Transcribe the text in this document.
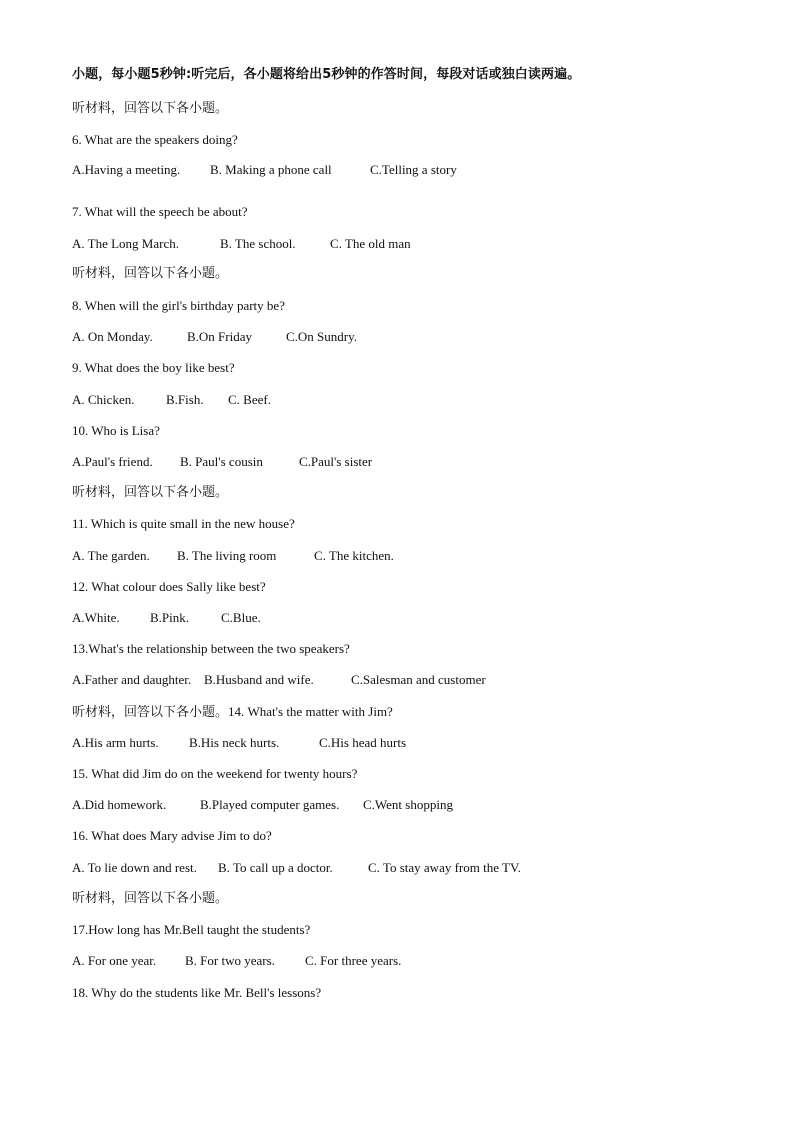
小题，每小题5秒钟:听完后，各小题将给出5秒钟的作答时间，每段对话或独白读两遍。
听材料，回答以下各小题。
6. What are the speakers doing?
A.Having a meeting. B. Making a phone call	C.Telling a story
7. What will the speech be about?
A. The Long March.	B. The school.	C. The old man
听材料，回答以下各小题。
8. When will the girl's birthday party be?
A. On Monday.	B.On Friday	C.On Sundry.
9. What does the boy like best?
A. Chicken. B.Fish. C. Beef.
10. Who is Lisa?
A.Paul's friend. B. Paul's cousin	C.Paul's sister
听材料，回答以下各小题。
11. Which is quite small in the new house?
A. The garden. B. The living room	C. The kitchen.
12. What colour does Sally like best?
A.White. B.Pink. C.Blue.
13.What's the relationship between the two speakers?
A.Father and daughter. B.Husband and wife.	C.Salesman and customer
听材料，回答以下各小题。14. What's the matter with Jim?
A.His arm hurts. B.His neck hurts.	C.His head hurts
15. What did Jim do on the weekend for twenty hours?
A.Did homework.	B.Played computer games. C.Went shopping
16. What does Mary advise Jim to do?
A. To lie down and rest. B. To call up a doctor.	C. To stay away from the TV.
听材料，回答以下各小题。
17.How long has Mr.Bell taught the students?
A. For one year. B. For two years. C. For three years.
18. Why do the students like Mr. Bell's lessons?
